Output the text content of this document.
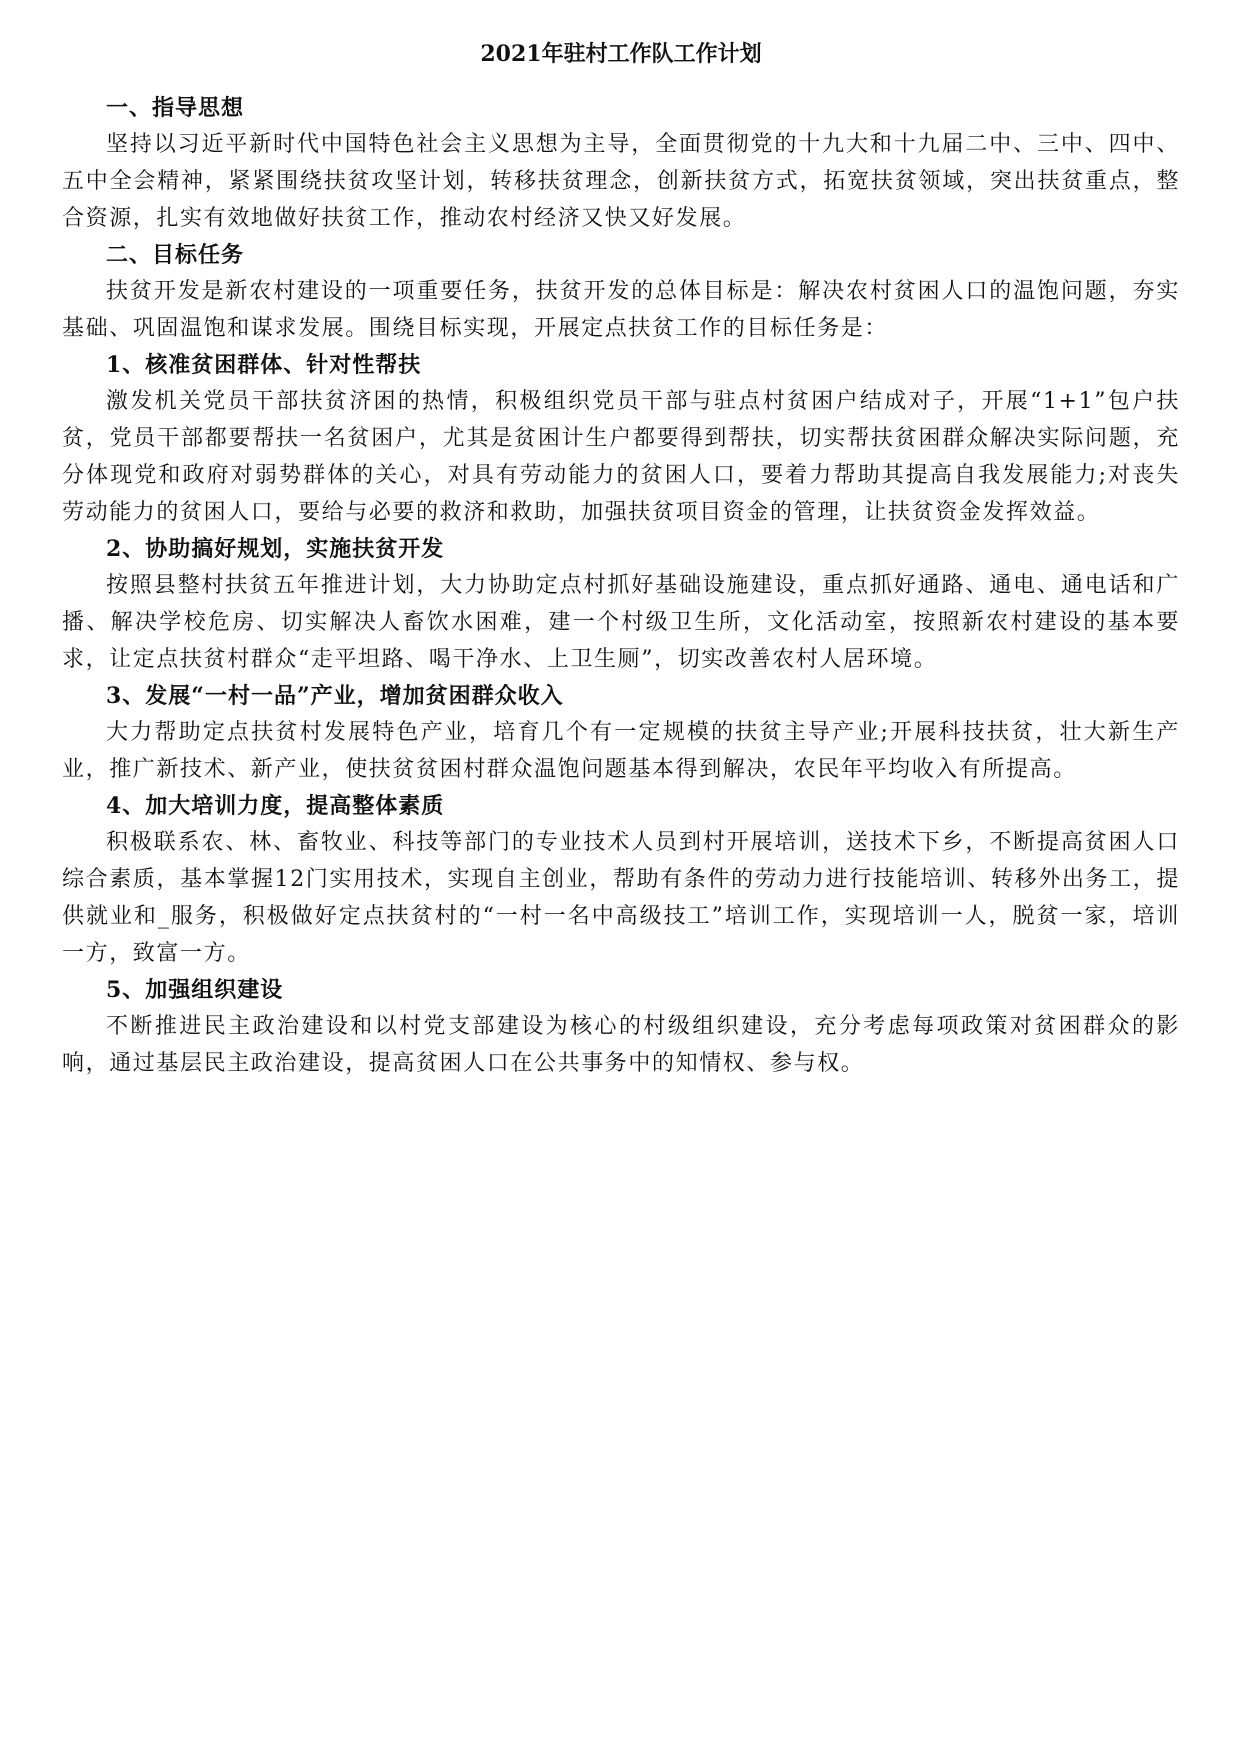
2021年驻村工作队工作计划

一、指导思想

坚持以习近平新时代中国特色社会主义思想为主导，全面贯彻党的十九大和十九届二中、三中、四中、五中全会精神，紧紧围绕扶贫攻坚计划，转移扶贫理念，创新扶贫方式，拓宽扶贫领域，突出扶贫重点，整合资源，扎实有效地做好扶贫工作，推动农村经济又快又好发展。

二、目标任务

扶贫开发是新农村建设的一项重要任务，扶贫开发的总体目标是：解决农村贫困人口的温饱问题，夯实基础、巩固温饱和谋求发展。围绕目标实现，开展定点扶贫工作的目标任务是：

1、核准贫困群体、针对性帮扶

激发机关党员干部扶贫济困的热情，积极组织党员干部与驻点村贫困户结成对子，开展“1+1”包户扶贫，党员干部都要帮扶一名贫困户，尤其是贫困计生户都要得到帮扶，切实帮扶贫困群众解决实际问题，充分体现党和政府对弱势群体的关心，对具有劳动能力的贫困人口，要着力帮助其提高自我发展能力;对丧失劳动能力的贫困人口，要给与必要的救济和救助，加强扶贫项目资金的管理，让扶贫资金发挥效益。

2、协助搞好规划，实施扶贫开发

按照县整村扶贫五年推进计划，大力协助定点村抓好基础设施建设，重点抓好通路、通电、通电话和广播、解决学校危房、切实解决人畜饮水困难，建一个村级卫生所，文化活动室，按照新农村建设的基本要求，让定点扶贫村群众“走平坦路、喝干净水、上卫生厕”，切实改善农村人居环境。

3、发展“一村一品”产业，增加贫困群众收入

大力帮助定点扶贫村发展特色产业，培育几个有一定规模的扶贫主导产业;开展科技扶贫，壮大新生产业，推广新技术、新产业，使扶贫贫困村群众温饱问题基本得到解决，农民年平均收入有所提高。

4、加大培训力度，提高整体素质

积极联系农、林、畜牧业、科技等部门的专业技术人员到村开展培训，送技术下乡，不断提高贫困人口综合素质，基本掌握12门实用技术，实现自主创业，帮助有条件的劳动力进行技能培训、转移外出务工，提供就业和_服务，积极做好定点扶贫村的“一村一名中高级技工”培训工作，实现培训一人，脱贫一家，培训一方，致富一方。

5、加强组织建设

不断推进民主政治建设和以村党支部建设为核心的村级组织建设，充分考虑每项政策对贫困群众的影响，通过基层民主政治建设，提高贫困人口在公共事务中的知情权、参与权。
